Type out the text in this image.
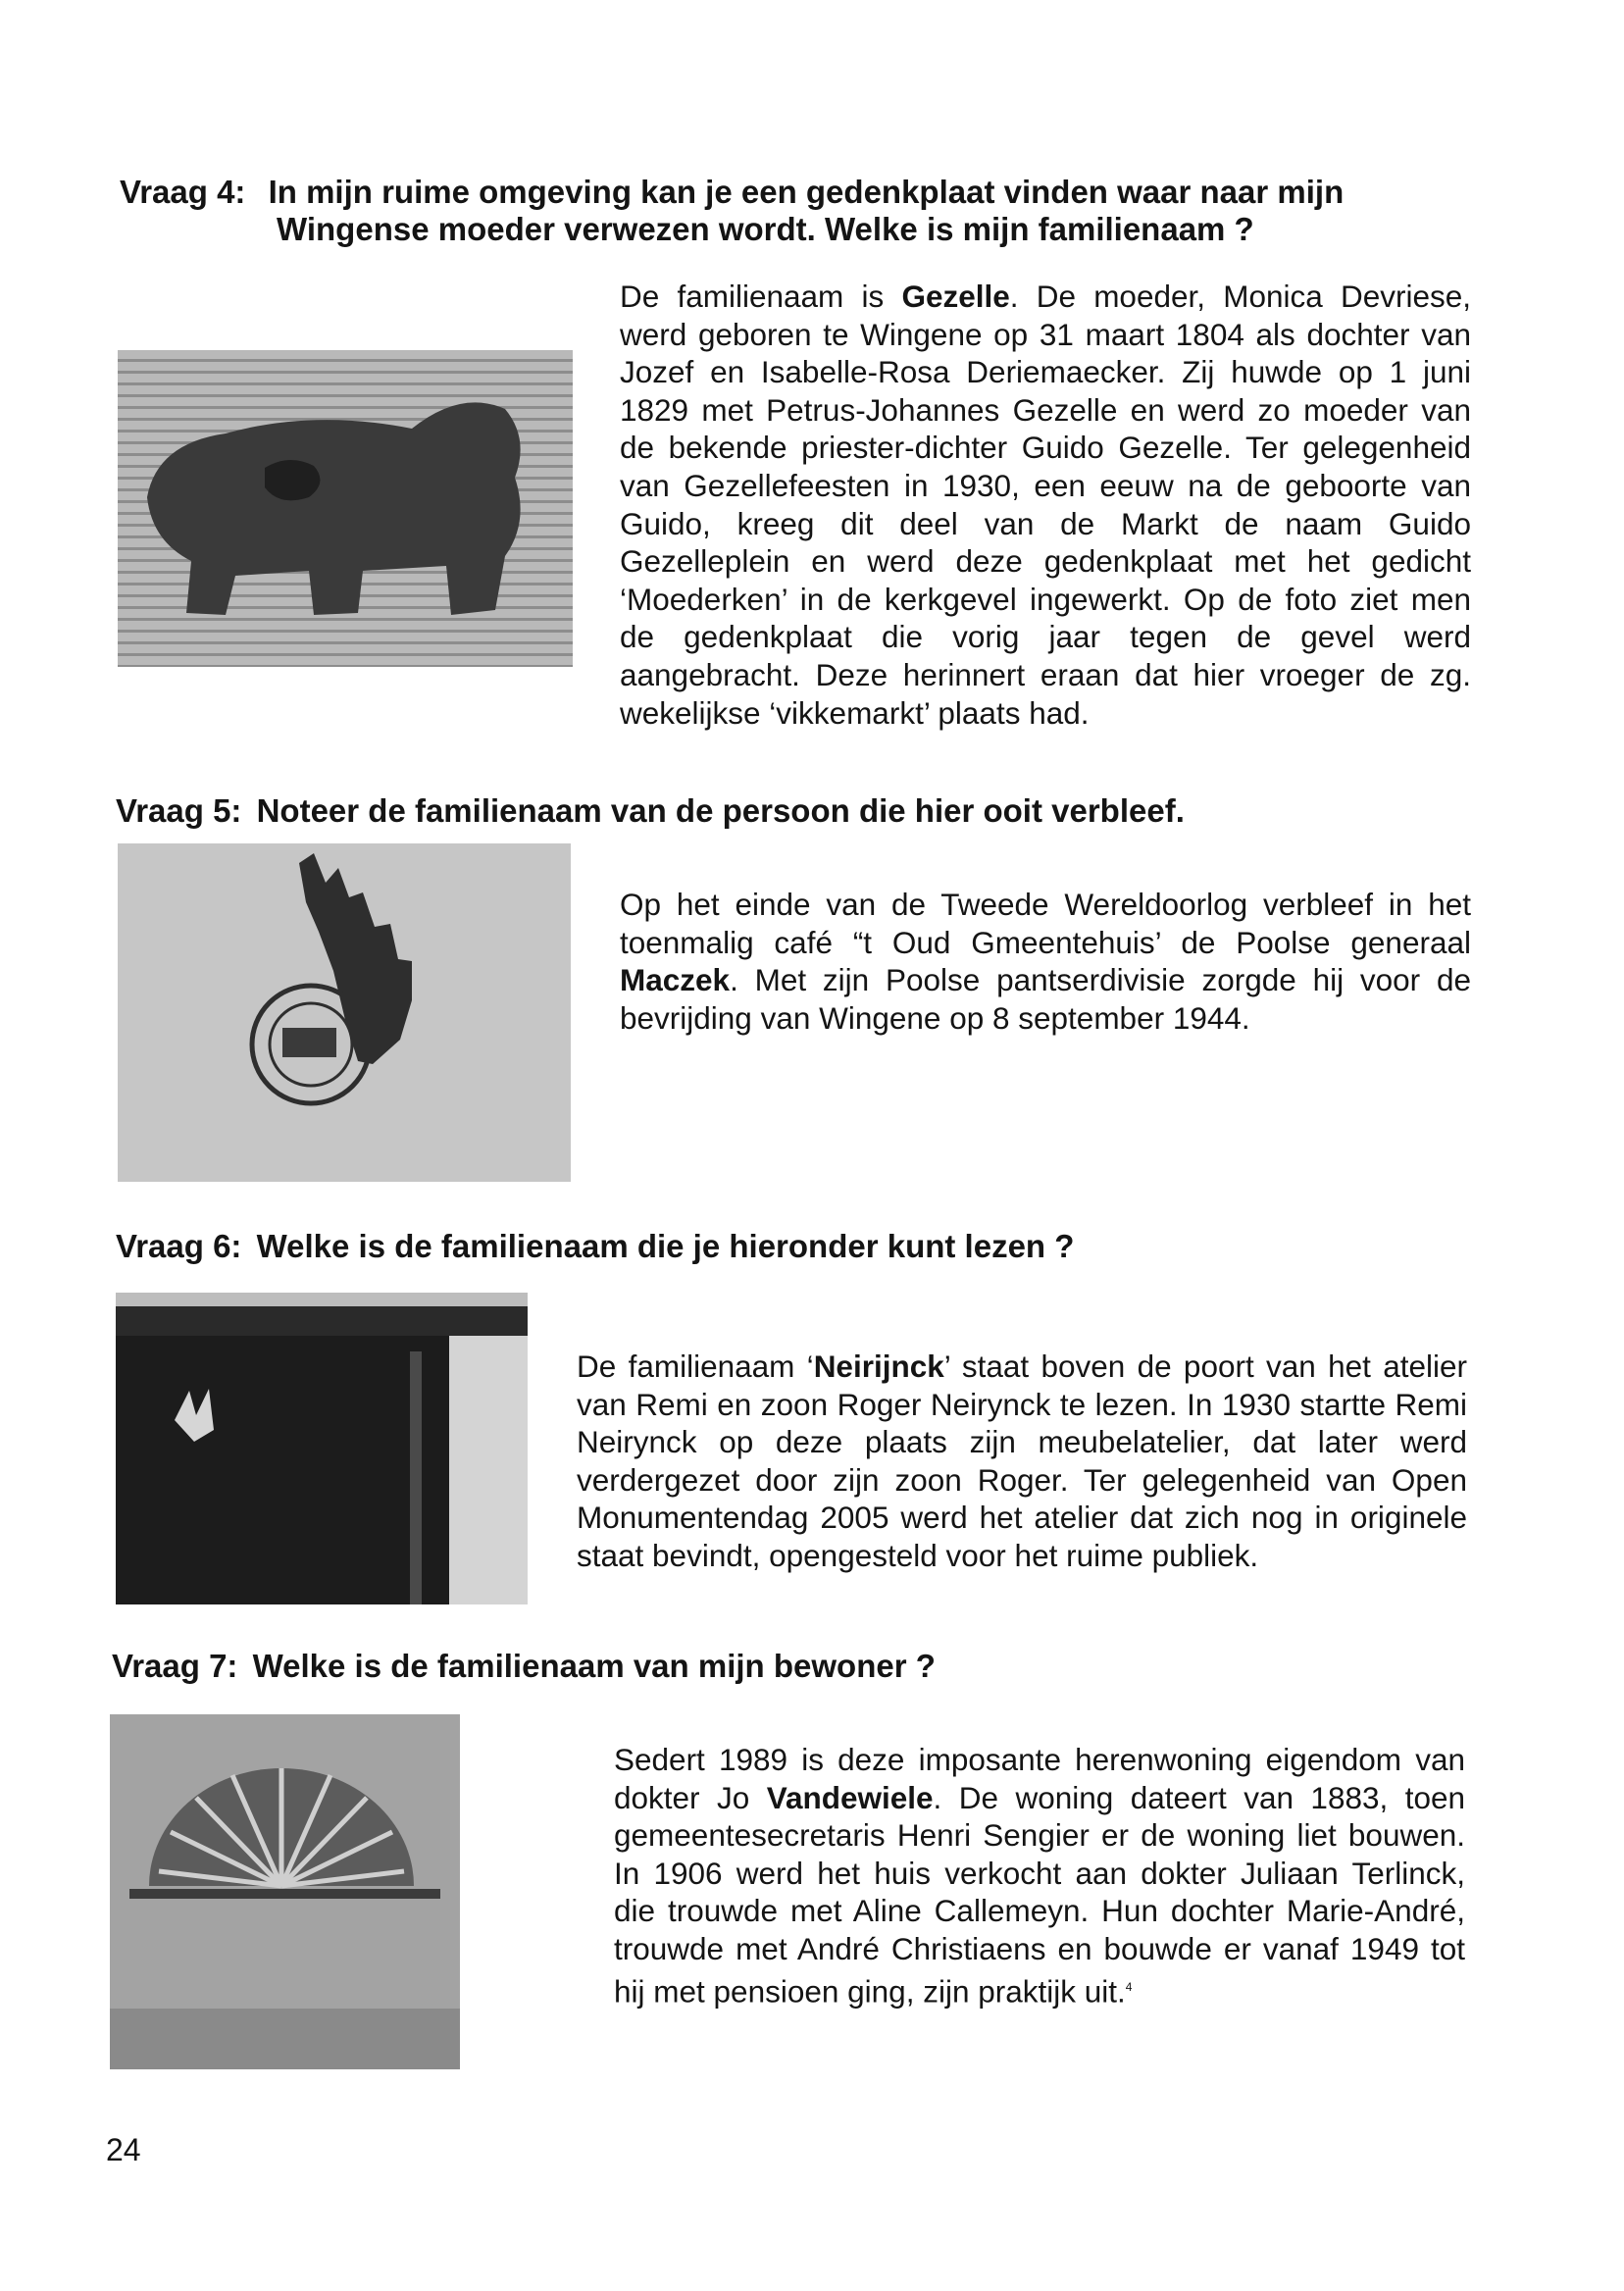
Vraag 4: In mijn ruime omgeving kan je een gedenkplaat vinden waar naar mijn
Wingense moeder verwezen wordt. Welke is mijn familienaam ?
De familienaam is Gezelle. De moeder, Monica Devriese, werd geboren te Wingene op 31 maart 1804 als dochter van Jozef en Isabelle-Rosa Deriemaecker. Zij huwde op 1 juni 1829 met Petrus-Johannes Gezelle en werd zo moeder van de bekende priester-dichter Guido Gezelle. Ter gelegenheid van Gezellefeesten in 1930, een eeuw na de geboorte van Guido, kreeg dit deel van de Markt de naam Guido Gezelleplein en werd deze gedenkplaat met het gedicht ‘Moederken’ in de kerkgevel ingewerkt. Op de foto ziet men de gedenkplaat die vorig jaar tegen de gevel werd aangebracht. Deze herinnert eraan dat hier vroeger de zg. wekelijkse ‘vikkemarkt’ plaats had.
Vraag 5: Noteer de familienaam van de persoon die hier ooit verbleef.
Op het einde van de Tweede Wereldoorlog verbleef in het toenmalig café “t Oud Gmeentehuis’ de Poolse generaal Maczek. Met zijn Poolse pantserdivisie zorgde hij voor de bevrijding van Wingene op 8 september 1944.
Vraag 6: Welke is de familienaam die je hieronder kunt lezen ?
De familienaam ‘Neirijnck’ staat boven de poort van het atelier van Remi en zoon Roger Neirynck te lezen. In 1930 startte Remi Neirynck op deze plaats zijn meubelatelier, dat later werd verdergezet door zijn zoon Roger. Ter gelegenheid van Open Monumentendag 2005 werd het atelier dat zich nog in originele staat bevindt, opengesteld voor het ruime publiek.
Vraag 7: Welke is de familienaam van mijn bewoner ?
Sedert 1989 is deze imposante herenwoning eigendom van dokter Jo Vandewiele. De woning dateert van 1883, toen gemeentesecretaris Henri Sengier er de woning liet bouwen. In 1906 werd het huis verkocht aan dokter Juliaan Terlinck, die trouwde met Aline Callemeyn. Hun dochter Marie-André, trouwde met André Christiaens en bouwde er vanaf 1949 tot hij met pensioen ging, zijn praktijk uit.$^4$
24
